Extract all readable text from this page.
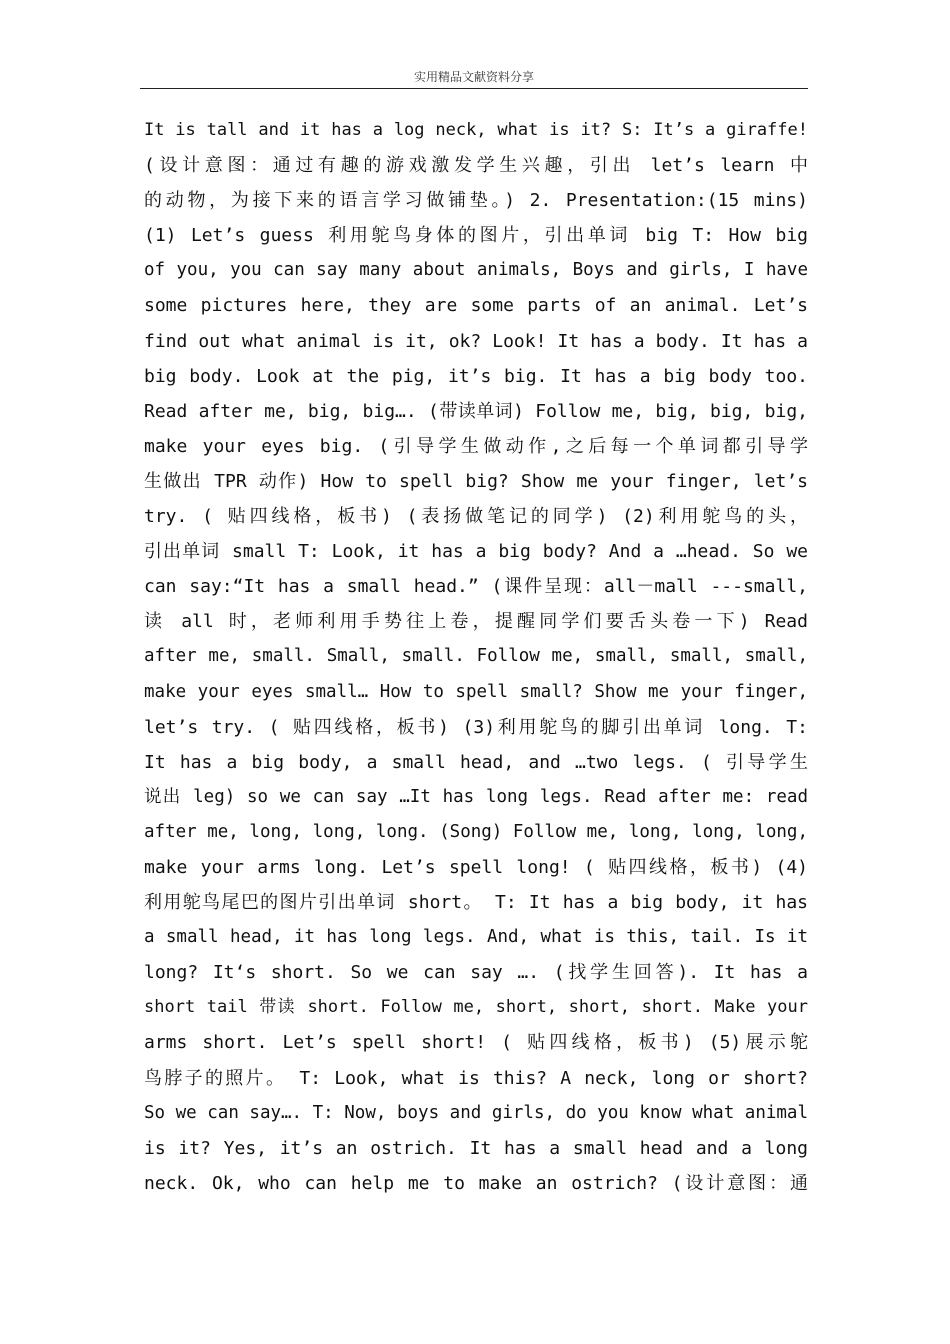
实用精品文献资料分享
It is tall and it has a log neck, what is it? S: It’s a giraffe!
(设计意图：通过有趣的游戏激发学生兴趣，引出 let’s learn 中
的动物，为接下来的语言学习做铺垫。) 2. Presentation:(15 mins)
(1) Let’s guess 利用鸵鸟身体的图片，引出单词 big T: How big
of you, you can say many about animals, Boys and girls, I have
some pictures here, they are some parts of an animal. Let’s
find out what animal is it, ok? Look! It has a body. It has a
big body. Look at the pig, it’s big. It has a big body too.
Read after me, big, big…. (带读单词) Follow me, big, big, big,
make your eyes big. (引导学生做动作,之后每一个单词都引导学
生做出 TPR 动作) How to spell big? Show me your finger, let’s
try. ( 贴四线格，板书) (表扬做笔记的同学) (2)利用鸵鸟的头，
引出单词 small T: Look, it has a big body? And a …head. So we
can say:“It has a small head.” (课件呈现：all－mall ---small,
读 all 时，老师利用手势往上卷，提醒同学们要舌头卷一下) Read
after me, small. Small, small. Follow me, small, small, small,
make your eyes small… How to spell small? Show me your finger,
let’s try. ( 贴四线格，板书) (3)利用鸵鸟的脚引出单词 long. T:
It has a big body, a small head, and …two legs. ( 引导学生
说出 leg) so we can say …It has long legs. Read after me: read
after me, long, long, long. (Song) Follow me, long, long, long,
make your arms long. Let’s spell long! ( 贴四线格，板书) (4)
利用鸵鸟尾巴的图片引出单词 short。 T: It has a big body, it has
a small head, it has long legs. And, what is this, tail. Is it
long? It‘s short. So we can say …. (找学生回答). It has a
short tail 带读 short. Follow me, short, short, short. Make your
arms short. Let’s spell short! ( 贴四线格，板书) (5)展示鸵
鸟脖子的照片。 T: Look, what is this? A neck, long or short?
So we can say…. T: Now, boys and girls, do you know what animal
is it? Yes, it’s an ostrich. It has a small head and a long
neck. Ok, who can help me to make an ostrich? (设计意图：通
